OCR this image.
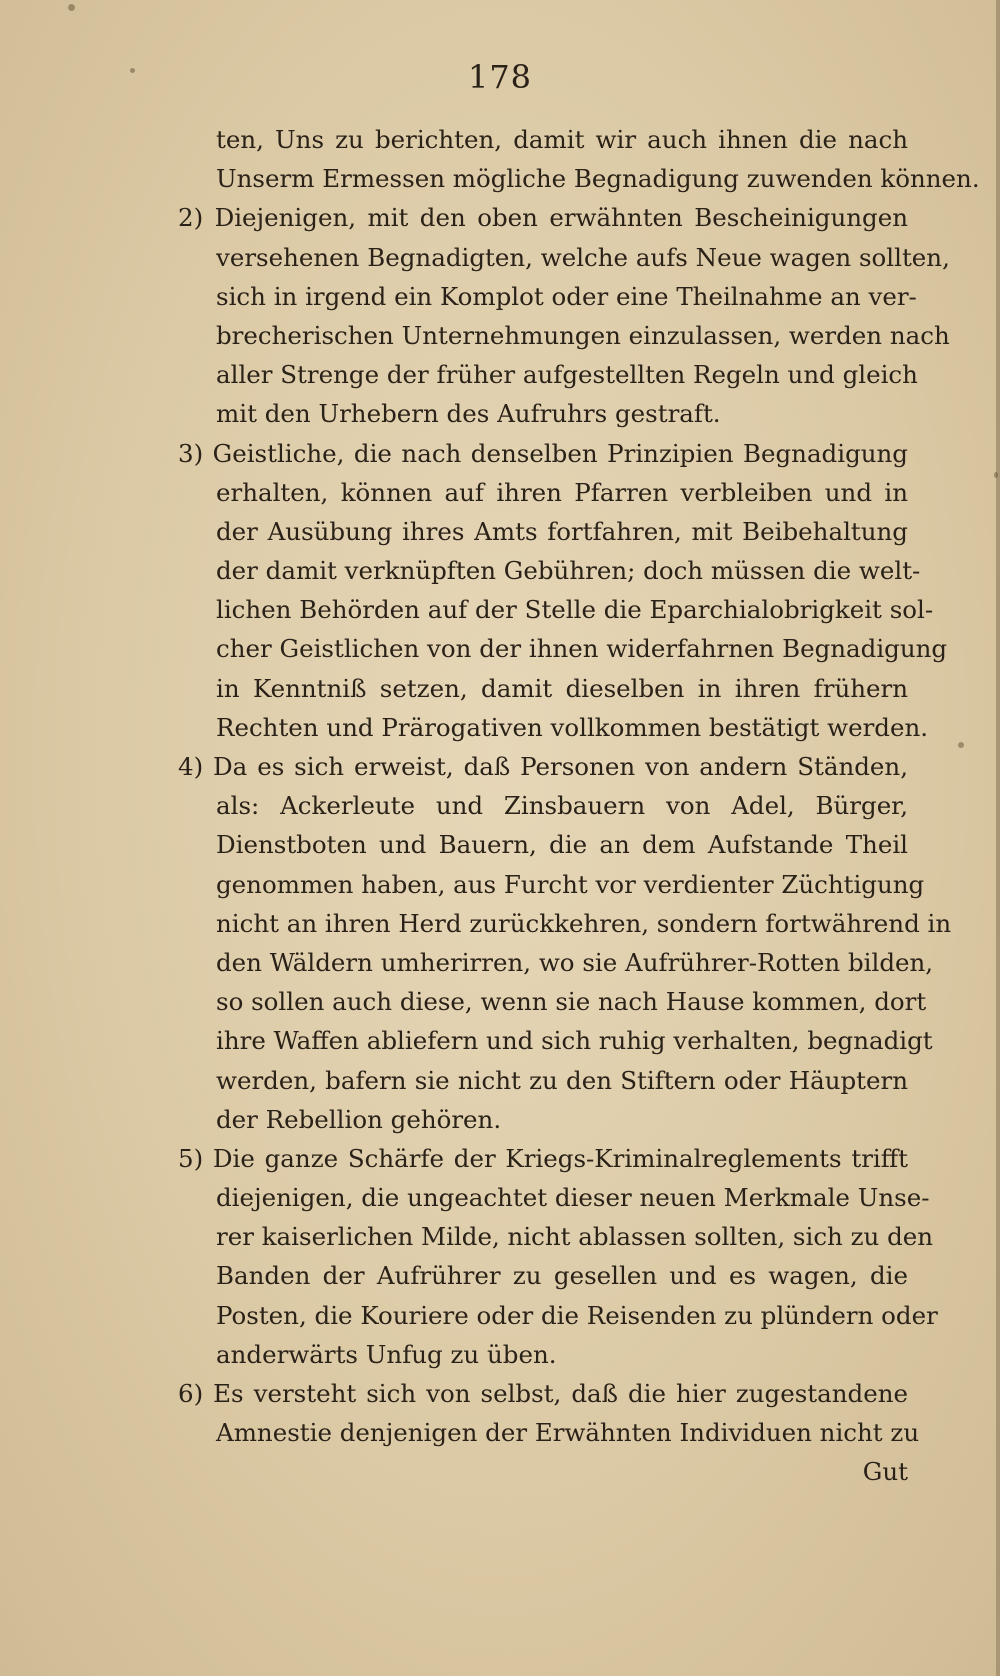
178
ten, Uns zu berichten, damit wir auch ihnen die nach
Unserm Ermessen mögliche Begnadigung zuwenden können.
2) Diejenigen, mit den oben erwähnten Bescheinigungen
versehenen Begnadigten, welche aufs Neue wagen sollten,
sich in irgend ein Komplot oder eine Theilnahme an ver-
brecherischen Unternehmungen einzulassen, werden nach
aller Strenge der früher aufgestellten Regeln und gleich
mit den Urhebern des Aufruhrs gestraft.
3) Geistliche, die nach denselben Prinzipien Begnadigung
erhalten, können auf ihren Pfarren verbleiben und in
der Ausübung ihres Amts fortfahren, mit Beibehaltung
der damit verknüpften Gebühren; doch müssen die welt-
lichen Behörden auf der Stelle die Eparchialobrigkeit sol-
cher Geistlichen von der ihnen widerfahrnen Begnadigung
in Kenntniß setzen, damit dieselben in ihren frühern
Rechten und Prärogativen vollkommen bestätigt werden.
4) Da es sich erweist, daß Personen von andern Ständen,
als: Ackerleute und Zinsbauern von Adel, Bürger,
Dienstboten und Bauern, die an dem Aufstande Theil
genommen haben, aus Furcht vor verdienter Züchtigung
nicht an ihren Herd zurückkehren, sondern fortwährend in
den Wäldern umherirren, wo sie Aufrührer-Rotten bilden,
so sollen auch diese, wenn sie nach Hause kommen, dort
ihre Waffen abliefern und sich ruhig verhalten, begnadigt
werden, bafern sie nicht zu den Stiftern oder Häuptern
der Rebellion gehören.
5) Die ganze Schärfe der Kriegs-Kriminalreglements trifft
diejenigen, die ungeachtet dieser neuen Merkmale Unse-
rer kaiserlichen Milde, nicht ablassen sollten, sich zu den
Banden der Aufrührer zu gesellen und es wagen, die
Posten, die Kouriere oder die Reisenden zu plündern oder
anderwärts Unfug zu üben.
6) Es versteht sich von selbst, daß die hier zugestandene
Amnestie denjenigen der Erwähnten Individuen nicht zu
Gut
